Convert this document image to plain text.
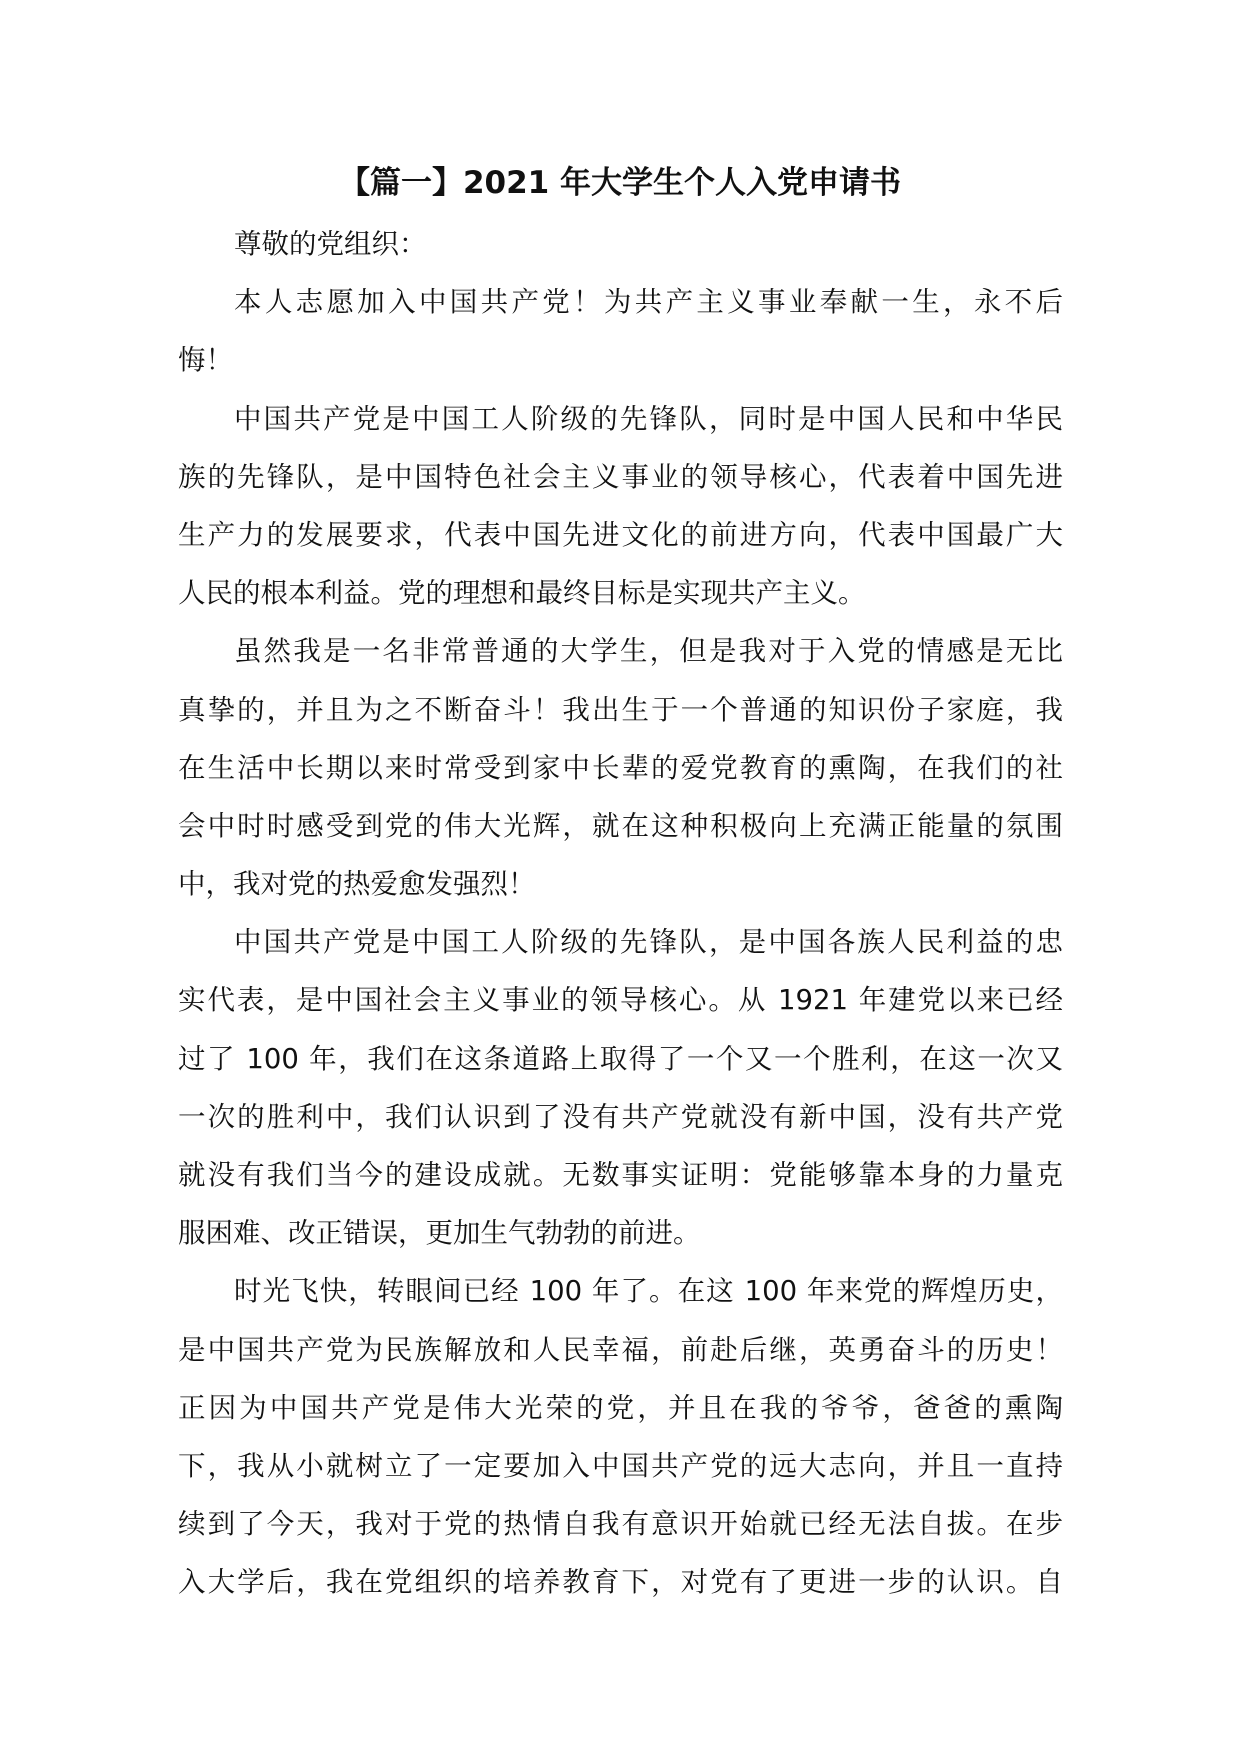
【篇一】2021 年大学生个人入党申请书
尊敬的党组织：
本人志愿加入中国共产党！为共产主义事业奉献一生，永不后
悔！
中国共产党是中国工人阶级的先锋队，同时是中国人民和中华民
族的先锋队，是中国特色社会主义事业的领导核心，代表着中国先进
生产力的发展要求，代表中国先进文化的前进方向，代表中国最广大
人民的根本利益。党的理想和最终目标是实现共产主义。
虽然我是一名非常普通的大学生，但是我对于入党的情感是无比
真挚的，并且为之不断奋斗！我出生于一个普通的知识份子家庭，我
在生活中长期以来时常受到家中长辈的爱党教育的熏陶，在我们的社
会中时时感受到党的伟大光辉，就在这种积极向上充满正能量的氛围
中，我对党的热爱愈发强烈！
中国共产党是中国工人阶级的先锋队，是中国各族人民利益的忠
实代表，是中国社会主义事业的领导核心。从 1921 年建党以来已经
过了 100 年，我们在这条道路上取得了一个又一个胜利，在这一次又
一次的胜利中，我们认识到了没有共产党就没有新中国，没有共产党
就没有我们当今的建设成就。无数事实证明：党能够靠本身的力量克
服困难、改正错误，更加生气勃勃的前进。
时光飞快，转眼间已经 100 年了。在这 100 年来党的辉煌历史，
是中国共产党为民族解放和人民幸福，前赴后继，英勇奋斗的历史！
正因为中国共产党是伟大光荣的党，并且在我的爷爷，爸爸的熏陶
下，我从小就树立了一定要加入中国共产党的远大志向，并且一直持
续到了今天，我对于党的热情自我有意识开始就已经无法自拔。在步
入大学后，我在党组织的培养教育下，对党有了更进一步的认识。自
